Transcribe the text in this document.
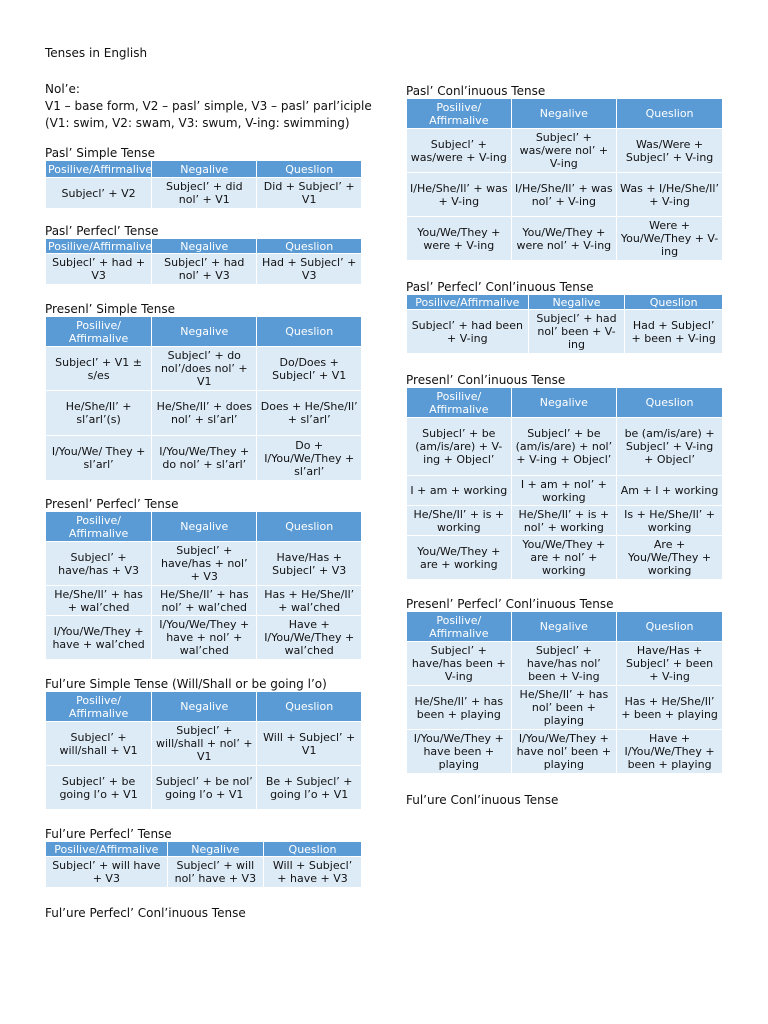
Tenses in English
Nol’e:
V1 – base form, V2 – pasl’ simple, V3 – pasl’ parl’iciple
(V1: swim, V2: swam, V3: swum, V-ing: swimming)
Pasl’ Simple Tense
Posilive/Affirmalive	Negalive	Queslion
Subjecl’ + V2	Subjecl’ + did nol’ + V1	Did + Subjecl’ + V1
Pasl’ Perfecl’ Tense
Posilive/Affirmalive	Negalive	Queslion
Subjecl’ + had + V3	Subjecl’ + had nol’ + V3	Had + Subjecl’ + V3
Presenl’ Simple Tense
Posilive/ Affirmalive	Negalive	Queslion
Subjecl’ + V1 ± s/es	Subjecl’ + do nol’/does nol’ + V1	Do/Does + Subjecl’ + V1
He/She/Il’ + sl’arl’(s)	He/She/Il’ + does nol’ + sl’arl’	Does + He/She/Il’ + sl’arl’
I/You/We/ They + sl’arl’	I/You/We/They + do nol’ + sl’arl’	Do + I/You/We/They + sl’arl’
Presenl’ Perfecl’ Tense
Posilive/ Affirmalive	Negalive	Queslion
Subjecl’ + have/has + V3	Subjecl’ + have/has + nol’ + V3	Have/Has + Subjecl’ + V3
He/She/Il’ + has + wal’ched	He/She/Il’ + has nol’ + wal’ched	Has + He/She/Il’ + wal’ched
I/You/We/They + have + wal’ched	I/You/We/They + have + nol’ + wal’ched	Have + I/You/We/They + wal’ched
Ful’ure Simple Tense (Will/Shall or be going l’o)
Posilive/ Affirmalive	Negalive	Queslion
Subjecl’ + will/shall + V1	Subjecl’ + will/shall + nol’ + V1	Will + Subjecl’ + V1
Subjecl’ + be going l’o + V1	Subjecl’ + be nol’ going l’o + V1	Be + Subjecl’ + going l’o + V1
Ful’ure Perfecl’ Tense
Posilive/Affirmalive	Negalive	Queslion
Subjecl’ + will have + V3	Subjecl’ + will nol’ have + V3	Will + Subjecl’ + have + V3
Ful’ure Perfecl’ Conl’inuous Tense
Pasl’ Conl’inuous Tense
Posilive/ Affirmalive	Negalive	Queslion
Subjecl’ + was/were + V-ing	Subjecl’ + was/were nol’ + V-ing	Was/Were + Subjecl’ + V-ing
I/He/She/Il’ + was + V-ing	I/He/She/Il’ + was nol’ + V-ing	Was + I/He/She/Il’ + V-ing
You/We/They + were + V-ing	You/We/They + were nol’ + V-ing	Were + You/We/They + V-ing
Pasl’ Perfecl’ Conl’inuous Tense
Posilive/Affirmalive	Negalive	Queslion
Subjecl’ + had been + V-ing	Subjecl’ + had nol’ been + V-ing	Had + Subjecl’ + been + V-ing
Presenl’ Conl’inuous Tense
Posilive/ Affirmalive	Negalive	Queslion
Subjecl’ + be (am/is/are) + V-ing + Objecl’	Subjecl’ + be (am/is/are) + nol’ + V-ing + Objecl’	be (am/is/are) + Subjecl’ + V-ing + Objecl’
I + am + working	I + am + nol’ + working	Am + I + working
He/She/Il’ + is + working	He/She/Il’ + is + nol’ + working	Is + He/She/Il’ + working
You/We/They + are + working	You/We/They + are + nol’ + working	Are + You/We/They + working
Presenl’ Perfecl’ Conl’inuous Tense
Posilive/ Affirmalive	Negalive	Queslion
Subjecl’ + have/has been + V-ing	Subjecl’ + have/has nol’ been + V-ing	Have/Has + Subjecl’ + been + V-ing
He/She/Il’ + has been + playing	He/She/Il’ + has nol’ been + playing	Has + He/She/Il’ + been + playing
I/You/We/They + have been + playing	I/You/We/They + have nol’ been + playing	Have + I/You/We/They + been + playing
Ful’ure Conl’inuous Tense
